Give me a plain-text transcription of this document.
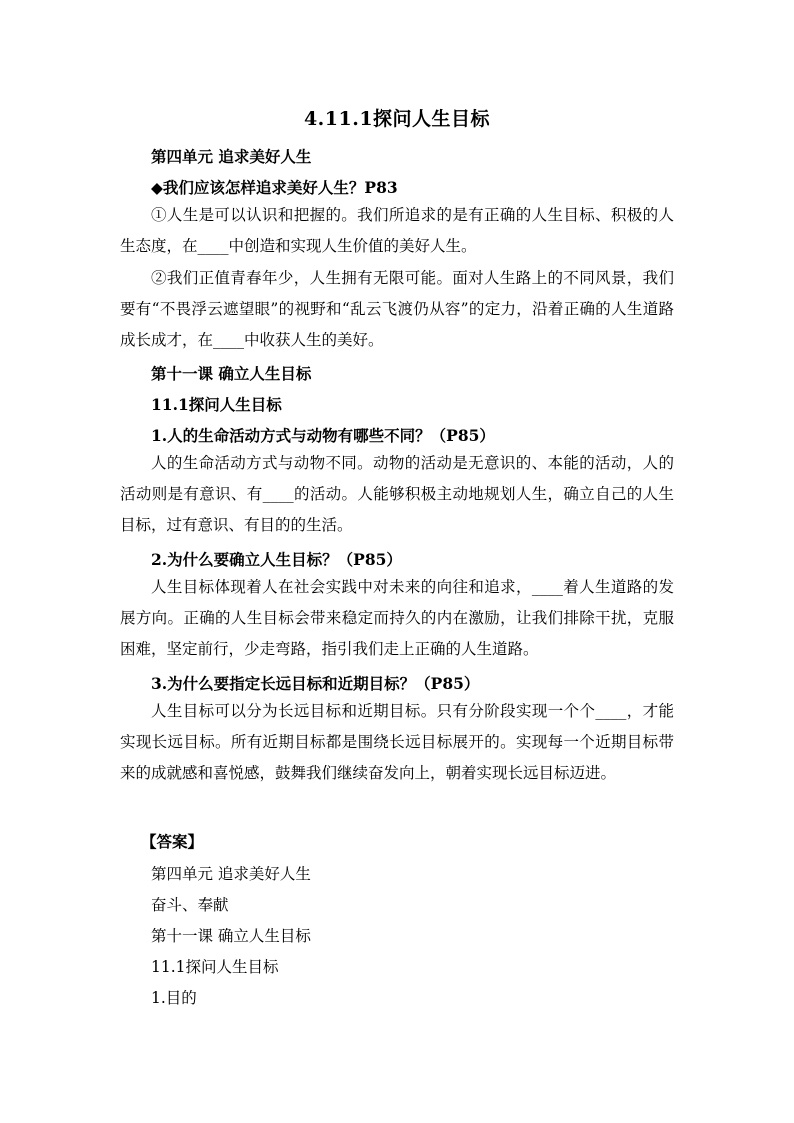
4.11.1探问人生目标
第四单元 追求美好人生
◆我们应该怎样追求美好人生？P83
①人生是可以认识和把握的。我们所追求的是有正确的人生目标、积极的人生态度，在____中创造和实现人生价值的美好人生。
②我们正值青春年少，人生拥有无限可能。面对人生路上的不同风景，我们要有“不畏浮云遮望眼”的视野和“乱云飞渡仍从容”的定力，沿着正确的人生道路成长成才，在____中收获人生的美好。
第十一课 确立人生目标
11.1探问人生目标
1.人的生命活动方式与动物有哪些不同？（P85）
人的生命活动方式与动物不同。动物的活动是无意识的、本能的活动，人的活动则是有意识、有____的活动。人能够积极主动地规划人生，确立自己的人生目标，过有意识、有目的的生活。
2.为什么要确立人生目标？（P85）
人生目标体现着人在社会实践中对未来的向往和追求，____着人生道路的发展方向。正确的人生目标会带来稳定而持久的内在激励，让我们排除干扰，克服困难，坚定前行，少走弯路，指引我们走上正确的人生道路。
3.为什么要指定长远目标和近期目标？（P85）
人生目标可以分为长远目标和近期目标。只有分阶段实现一个个____，才能实现长远目标。所有近期目标都是围绕长远目标展开的。实现每一个近期目标带来的成就感和喜悦感，鼓舞我们继续奋发向上，朝着实现长远目标迈进。
【答案】
第四单元 追求美好人生
奋斗、奉献
第十一课 确立人生目标
11.1探问人生目标
1.目的
